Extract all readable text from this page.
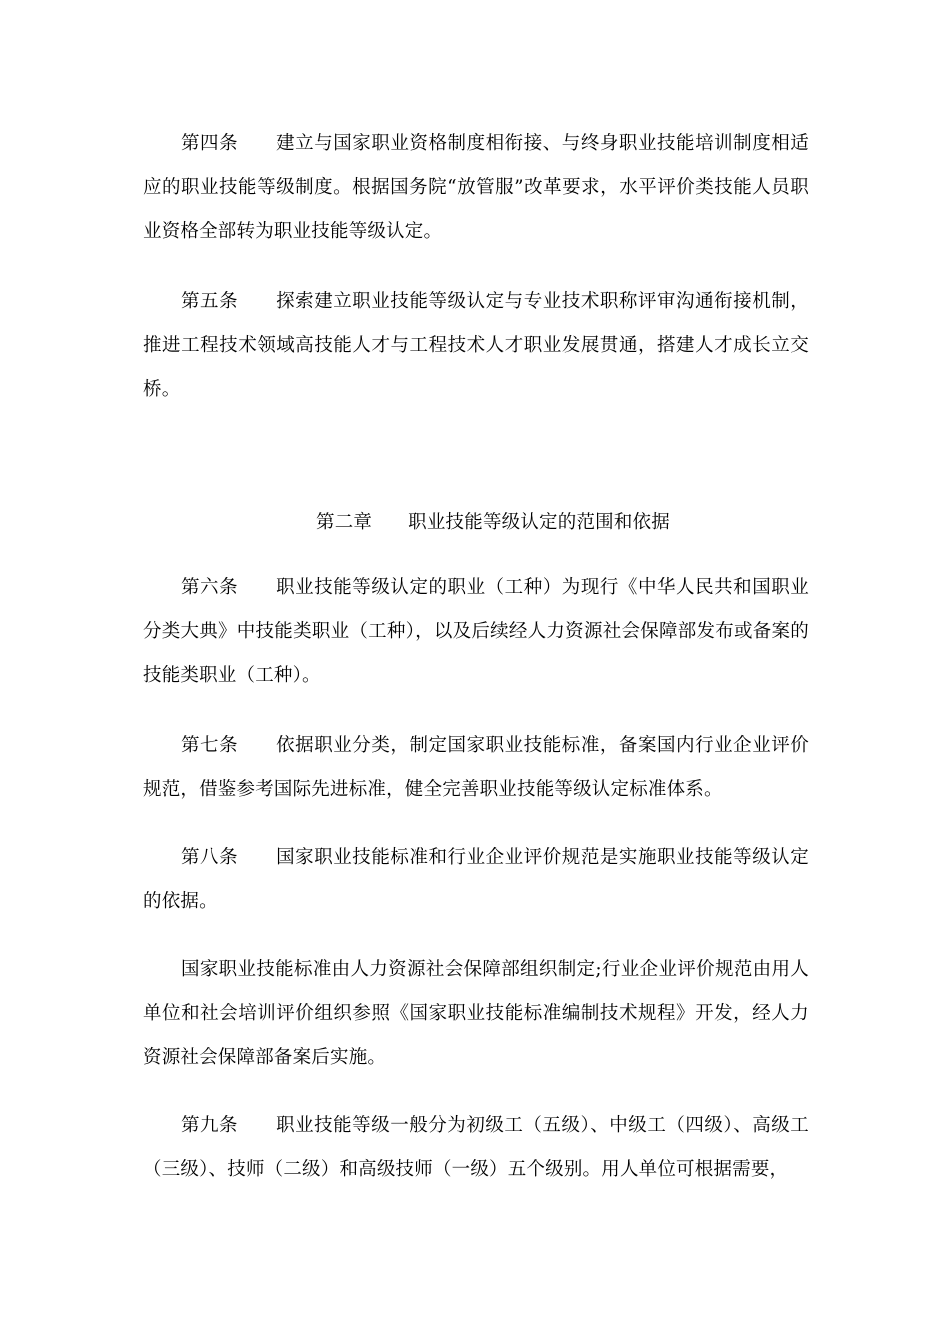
第四条 建立与国家职业资格制度相衔接、与终身职业技能培训制度相适应的职业技能等级制度。根据国务院“放管服”改革要求，水平评价类技能人员职业资格全部转为职业技能等级认定。

第五条 探索建立职业技能等级认定与专业技术职称评审沟通衔接机制，推进工程技术领域高技能人才与工程技术人才职业发展贯通，搭建人才成长立交桥。

第二章 职业技能等级认定的范围和依据

第六条 职业技能等级认定的职业（工种）为现行《中华人民共和国职业分类大典》中技能类职业（工种），以及后续经人力资源社会保障部发布或备案的技能类职业（工种）。

第七条 依据职业分类，制定国家职业技能标准，备案国内行业企业评价规范，借鉴参考国际先进标准，健全完善职业技能等级认定标准体系。

第八条 国家职业技能标准和行业企业评价规范是实施职业技能等级认定的依据。

国家职业技能标准由人力资源社会保障部组织制定;行业企业评价规范由用人单位和社会培训评价组织参照《国家职业技能标准编制技术规程》开发，经人力资源社会保障部备案后实施。

第九条 职业技能等级一般分为初级工（五级）、中级工（四级）、高级工（三级）、技师（二级）和高级技师（一级）五个级别。用人单位可根据需要，
